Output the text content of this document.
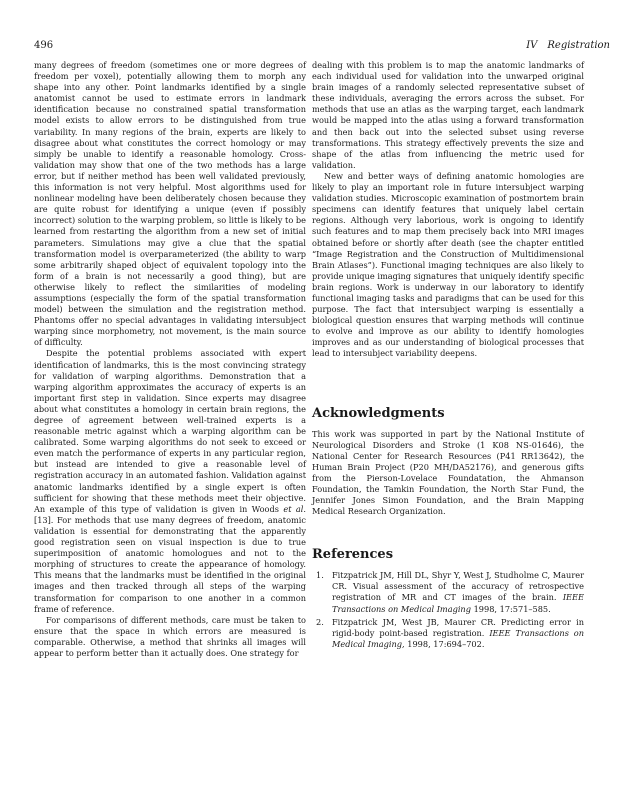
496	IV Registration

many degrees of freedom (sometimes one or more degrees of freedom per voxel), potentially allowing them to morph any shape into any other. Point landmarks identified by a single anatomist cannot be used to estimate errors in landmark identification because no constrained spatial transformation model exists to allow errors to be distinguished from true variability. In many regions of the brain, experts are likely to disagree about what constitutes the correct homology or may simply be unable to identify a reasonable homology. Cross-validation may show that one of the two methods has a large error, but if neither method has been well validated previously, this information is not very helpful. Most algorithms used for nonlinear modeling have been deliberately chosen because they are quite robust for identifying a unique (even if possibly incorrect) solution to the warping problem, so little is likely to be learned from restarting the algorithm from a new set of initial parameters. Simulations may give a clue that the spatial transformation model is overparameterized (the ability to warp some arbitrarily shaped object of equivalent topology into the form of a brain is not necessarily a good thing), but are otherwise likely to reflect the similarities of modeling assumptions (especially the form of the spatial transformation model) between the simulation and the registration method. Phantoms offer no special advantages in validating intersubject warping since morphometry, not movement, is the main source of difficulty.

Despite the potential problems associated with expert identification of landmarks, this is the most convincing strategy for validation of warping algorithms. Demonstration that a warping algorithm approximates the accuracy of experts is an important first step in validation. Since experts may disagree about what constitutes a homology in certain brain regions, the degree of agreement between well-trained experts is a reasonable metric against which a warping algorithm can be calibrated. Some warping algorithms do not seek to exceed or even match the performance of experts in any particular region, but instead are intended to give a reasonable level of registration accuracy in an automated fashion. Validation against anatomic landmarks identified by a single expert is often sufficient for showing that these methods meet their objective. An example of this type of validation is given in Woods et al. [13]. For methods that use many degrees of freedom, anatomic validation is essential for demonstrating that the apparently good registration seen on visual inspection is due to true superimposition of anatomic homologues and not to the morphing of structures to create the appearance of homology. This means that the landmarks must be identified in the original images and then tracked through all steps of the warping transformation for comparison to one another in a common frame of reference.

For comparisons of different methods, care must be taken to ensure that the space in which errors are measured is comparable. Otherwise, a method that shrinks all images will appear to perform better than it actually does. One strategy for

dealing with this problem is to map the anatomic landmarks of each individual used for validation into the unwarped original brain images of a randomly selected representative subset of these individuals, averaging the errors across the subset. For methods that use an atlas as the warping target, each landmark would be mapped into the atlas using a forward transformation and then back out into the selected subset using reverse transformations. This strategy effectively prevents the size and shape of the atlas from influencing the metric used for validation.

New and better ways of defining anatomic homologies are likely to play an important role in future intersubject warping validation studies. Microscopic examination of postmortem brain specimens can identify features that uniquely label certain regions. Although very laborious, work is ongoing to identify such features and to map them precisely back into MRI images obtained before or shortly after death (see the chapter entitled “Image Registration and the Construction of Multidimensional Brain Atlases”). Functional imaging techniques are also likely to provide unique imaging signatures that uniquely identify specific brain regions. Work is underway in our laboratory to identify functional imaging tasks and paradigms that can be used for this purpose. The fact that intersubject warping is essentially a biological question ensures that warping methods will continue to evolve and improve as our ability to identify homologies improves and as our understanding of biological processes that lead to intersubject variability deepens.

Acknowledgments

This work was supported in part by the National Institute of Neurological Disorders and Stroke (1 K08 NS-01646), the National Center for Research Resources (P41 RR13642), the Human Brain Project (P20 MH/DA52176), and generous gifts from the Pierson-Lovelace Foundatation, the Ahmanson Foundation, the Tamkin Foundation, the North Star Fund, the Jennifer Jones Simon Foundation, and the Brain Mapping Medical Research Organization.

References
1. Fitzpatrick JM, Hill DL, Shyr Y, West J, Studholme C, Maurer CR. Visual assessment of the accuracy of retrospective registration of MR and CT images of the brain. IEEE Transactions on Medical Imaging 1998, 17:571–585.
2. Fitzpatrick JM, West JB, Maurer CR. Predicting error in rigid-body point-based registration. IEEE Transactions on Medical Imaging, 1998, 17:694–702.
